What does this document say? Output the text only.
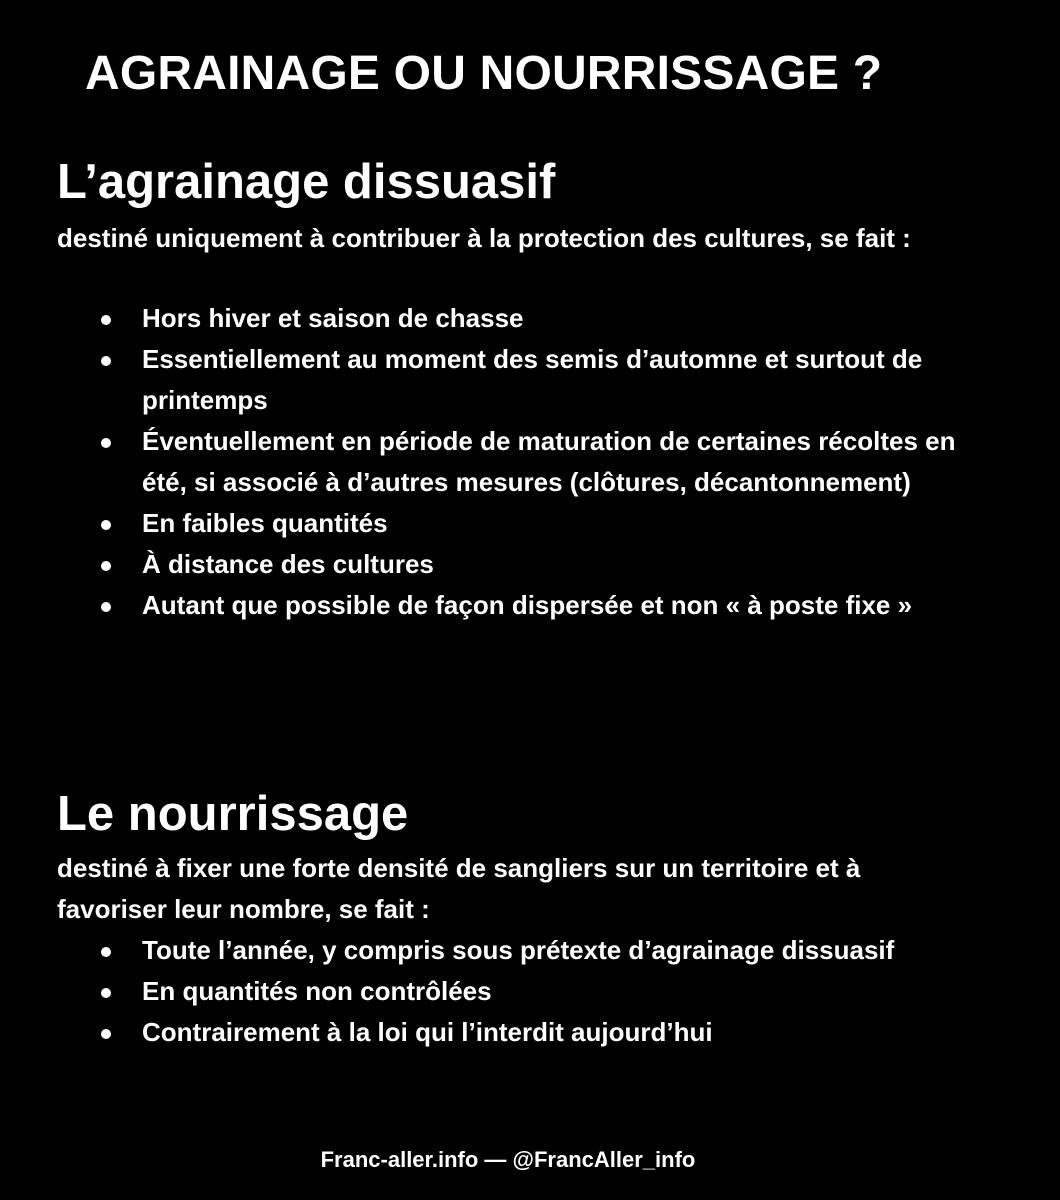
AGRAINAGE OU NOURRISSAGE ?
L’agrainage dissuasif

destiné uniquement à contribuer à la protection des cultures, se fait :

Hors hiver et saison de chasse
Essentiellement au moment des semis d’automne et surtout de printemps
Éventuellement en période de maturation de certaines récoltes en été, si associé à d’autres mesures (clôtures, décantonnement)
En faibles quantités
À distance des cultures
Autant que possible de façon dispersée et non « à poste fixe »
Le nourrissage

destiné à fixer une forte densité de sangliers sur un territoire et à favoriser leur nombre, se fait :

Toute l’année, y compris sous prétexte d’agrainage dissuasif
En quantités non contrôlées
Contrairement à la loi qui l’interdit aujourd’hui
Franc-aller.info — @FrancAller_info
